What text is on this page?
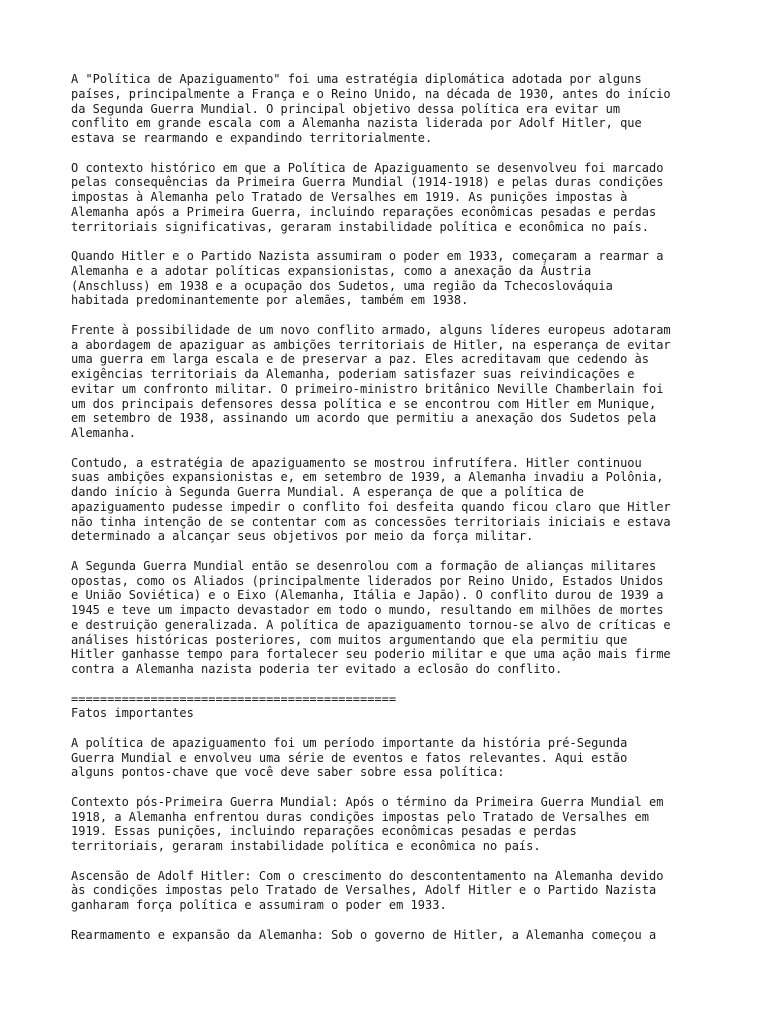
A "Política de Apaziguamento" foi uma estratégia diplomática adotada por alguns
países, principalmente a França e o Reino Unido, na década de 1930, antes do início
da Segunda Guerra Mundial. O principal objetivo dessa política era evitar um
conflito em grande escala com a Alemanha nazista liderada por Adolf Hitler, que
estava se rearmando e expandindo territorialmente.
O contexto histórico em que a Política de Apaziguamento se desenvolveu foi marcado
pelas consequências da Primeira Guerra Mundial (1914-1918) e pelas duras condições
impostas à Alemanha pelo Tratado de Versalhes em 1919. As punições impostas à
Alemanha após a Primeira Guerra, incluindo reparações econômicas pesadas e perdas
territoriais significativas, geraram instabilidade política e econômica no país.
Quando Hitler e o Partido Nazista assumiram o poder em 1933, começaram a rearmar a
Alemanha e a adotar políticas expansionistas, como a anexação da Áustria
(Anschluss) em 1938 e a ocupação dos Sudetos, uma região da Tchecoslováquia
habitada predominantemente por alemães, também em 1938.
Frente à possibilidade de um novo conflito armado, alguns líderes europeus adotaram
a abordagem de apaziguar as ambições territoriais de Hitler, na esperança de evitar
uma guerra em larga escala e de preservar a paz. Eles acreditavam que cedendo às
exigências territoriais da Alemanha, poderiam satisfazer suas reivindicações e
evitar um confronto militar. O primeiro-ministro britânico Neville Chamberlain foi
um dos principais defensores dessa política e se encontrou com Hitler em Munique,
em setembro de 1938, assinando um acordo que permitiu a anexação dos Sudetos pela
Alemanha.
Contudo, a estratégia de apaziguamento se mostrou infrutífera. Hitler continuou
suas ambições expansionistas e, em setembro de 1939, a Alemanha invadiu a Polônia,
dando início à Segunda Guerra Mundial. A esperança de que a política de
apaziguamento pudesse impedir o conflito foi desfeita quando ficou claro que Hitler
não tinha intenção de se contentar com as concessões territoriais iniciais e estava
determinado a alcançar seus objetivos por meio da força militar.
A Segunda Guerra Mundial então se desenrolou com a formação de alianças militares
opostas, como os Aliados (principalmente liderados por Reino Unido, Estados Unidos
e União Soviética) e o Eixo (Alemanha, Itália e Japão). O conflito durou de 1939 a
1945 e teve um impacto devastador em todo o mundo, resultando em milhões de mortes
e destruição generalizada. A política de apaziguamento tornou-se alvo de críticas e
análises históricas posteriores, com muitos argumentando que ela permitiu que
Hitler ganhasse tempo para fortalecer seu poderio militar e que uma ação mais firme
contra a Alemanha nazista poderia ter evitado a eclosão do conflito.
=============================================
Fatos importantes
A política de apaziguamento foi um período importante da história pré-Segunda
Guerra Mundial e envolveu uma série de eventos e fatos relevantes. Aqui estão
alguns pontos-chave que você deve saber sobre essa política:
Contexto pós-Primeira Guerra Mundial: Após o término da Primeira Guerra Mundial em
1918, a Alemanha enfrentou duras condições impostas pelo Tratado de Versalhes em
1919. Essas punições, incluindo reparações econômicas pesadas e perdas
territoriais, geraram instabilidade política e econômica no país.
Ascensão de Adolf Hitler: Com o crescimento do descontentamento na Alemanha devido
às condições impostas pelo Tratado de Versalhes, Adolf Hitler e o Partido Nazista
ganharam força política e assumiram o poder em 1933.
Rearmamento e expansão da Alemanha: Sob o governo de Hitler, a Alemanha começou a
